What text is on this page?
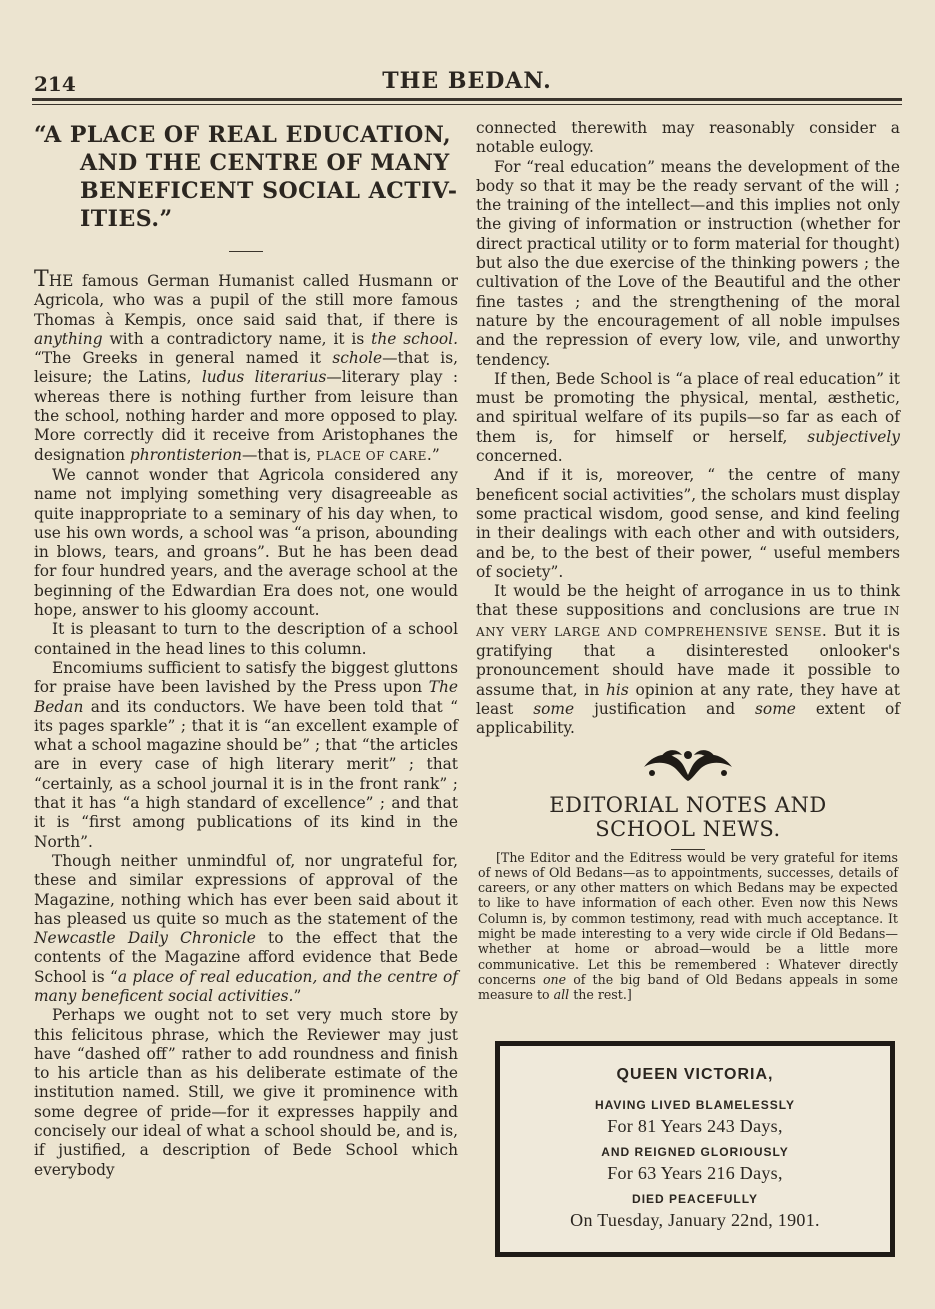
214	THE BEDAN.
“A PLACE OF REAL EDUCATION,
AND THE CENTRE OF MANY
BENEFICENT SOCIAL ACTIV-
ITIES.”

THE famous German Humanist called Husmann or Agricola, who was a pupil of the still more famous Thomas à Kempis, once said said that, if there is anything with a contradictory name, it is the school. “The Greeks in general named it schole—that is, leisure; the Latins, ludus literarius—literary play : whereas there is nothing further from leisure than the school, nothing harder and more opposed to play. More correctly did it receive from Aristophanes the designation phrontisterion—that is, PLACE OF CARE.”

We cannot wonder that Agricola considered any name not implying something very disagreeable as quite inappropriate to a seminary of his day when, to use his own words, a school was “a prison, abounding in blows, tears, and groans”. But he has been dead for four hundred years, and the average school at the beginning of the Edwardian Era does not, one would hope, answer to his gloomy account.

It is pleasant to turn to the description of a school contained in the head lines to this column.

Encomiums sufficient to satisfy the biggest gluttons for praise have been lavished by the Press upon The Bedan and its conductors. We have been told that “ its pages sparkle” ; that it is “an excellent example of what a school magazine should be” ; that “the articles are in every case of high literary merit” ; that “certainly, as a school journal it is in the front rank” ; that it has “a high standard of excellence” ; and that it is “first among publications of its kind in the North”.

Though neither unmindful of, nor ungrateful for, these and similar expressions of approval of the Magazine, nothing which has ever been said about it has pleased us quite so much as the statement of the Newcastle Daily Chronicle to the effect that the contents of the Magazine afford evidence that Bede School is “a place of real education, and the centre of many beneficent social activities.”

Perhaps we ought not to set very much store by this felicitous phrase, which the Reviewer may just have “dashed off” rather to add roundness and finish to his article than as his deliberate estimate of the institution named. Still, we give it prominence with some degree of pride—for it expresses happily and concisely our ideal of what a school should be, and is, if justified, a description of Bede School which everybody

connected therewith may reasonably consider a notable eulogy.

For “real education” means the development of the body so that it may be the ready servant of the will ; the training of the intellect—and this implies not only the giving of information or instruction (whether for direct practical utility or to form material for thought) but also the due exercise of the thinking powers ; the cultivation of the Love of the Beautiful and the other fine tastes ; and the strengthening of the moral nature by the encouragement of all noble impulses and the repression of every low, vile, and unworthy tendency.

If then, Bede School is “a place of real education” it must be promoting the physical, mental, æsthetic, and spiritual welfare of its pupils—so far as each of them is, for himself or herself, subjectively concerned.

And if it is, moreover, “ the centre of many beneficent social activities”, the scholars must display some practical wisdom, good sense, and kind feeling in their dealings with each other and with outsiders, and be, to the best of their power, “ useful members of society”.

It would be the height of arrogance in us to think that these suppositions and conclusions are true IN ANY VERY LARGE AND COMPREHENSIVE SENSE. But it is gratifying that a disinterested onlooker's pronouncement should have made it possible to assume that, in his opinion at any rate, they have at least some justification and some extent of applicability.

EDITORIAL NOTES AND
SCHOOL NEWS.

[The Editor and the Editress would be very grateful for items of news of Old Bedans—as to appointments, successes, details of careers, or any other matters on which Bedans may be expected to like to have information of each other. Even now this News Column is, by common testimony, read with much acceptance. It might be made interesting to a very wide circle if Old Bedans—whether at home or abroad—would be a little more communicative. Let this be remembered : Whatever directly concerns one of the big band of Old Bedans appeals in some measure to all the rest.]

QUEEN VICTORIA,
HAVING LIVED BLAMELESSLY
For 81 Years 243 Days,
AND REIGNED GLORIOUSLY
For 63 Years 216 Days,
DIED PEACEFULLY
On Tuesday, January 22nd, 1901.
